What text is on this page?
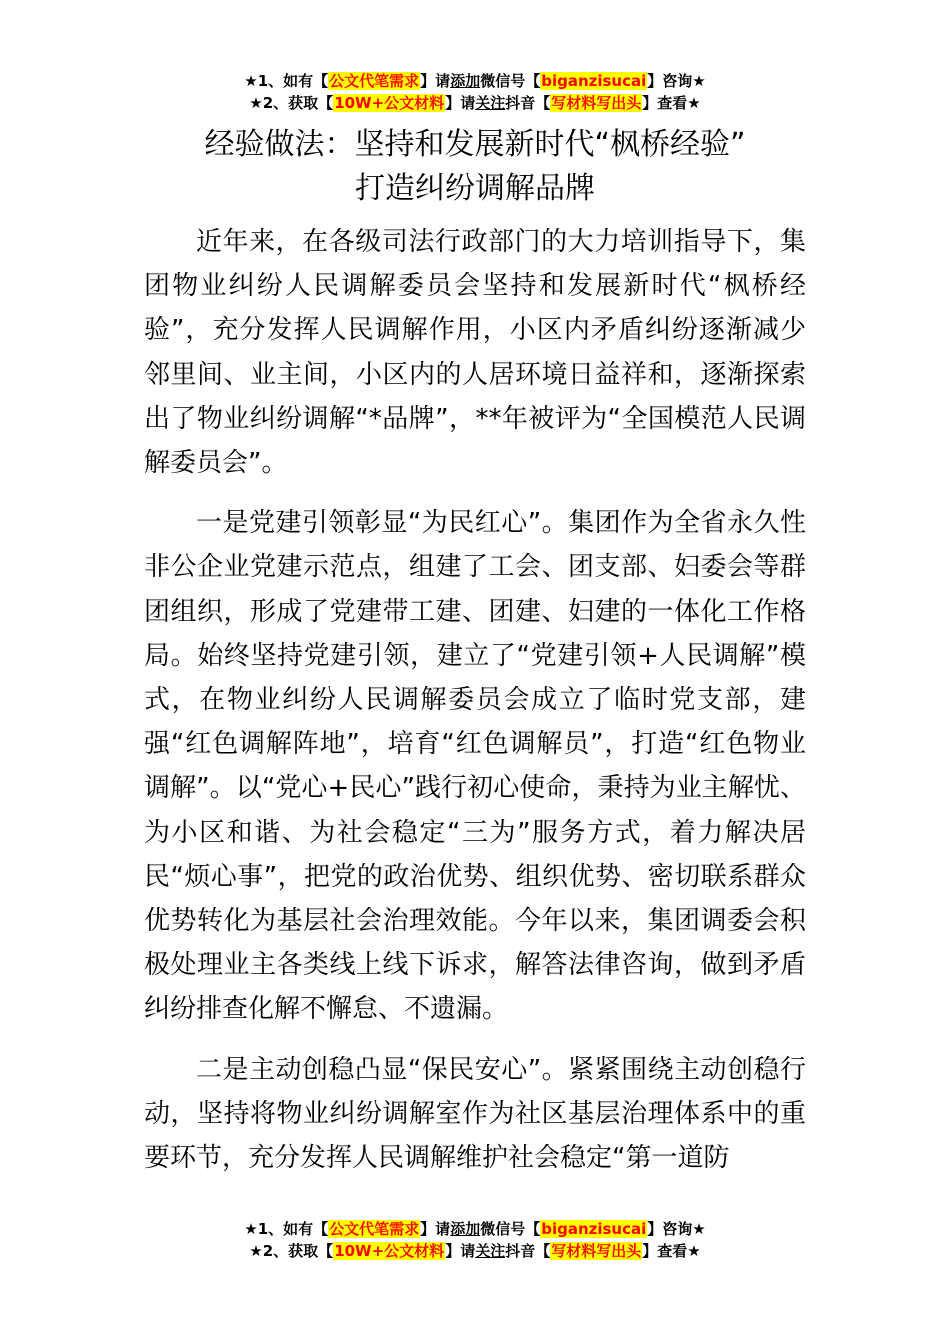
★1、如有【公文代笔需求】请添加微信号【biganzisucai】咨询★
★2、获取【10W+公文材料】请关注抖音【写材料写出头】查看★
经验做法：坚持和发展新时代“枫桥经验”
打造纠纷调解品牌

近年来，在各级司法行政部门的大力培训指导下，集团物业纠纷人民调解委员会坚持和发展新时代“枫桥经验”，充分发挥人民调解作用，小区内矛盾纠纷逐渐减少邻里间、业主间，小区内的人居环境日益祥和，逐渐探索出了物业纠纷调解“*品牌”，**年被评为“全国模范人民调解委员会”。

一是党建引领彰显“为民红心”。集团作为全省永久性非公企业党建示范点，组建了工会、团支部、妇委会等群团组织，形成了党建带工建、团建、妇建的一体化工作格局。始终坚持党建引领，建立了“党建引领+人民调解”模式，在物业纠纷人民调解委员会成立了临时党支部，建强“红色调解阵地”，培育“红色调解员”，打造“红色物业调解”。以“党心+民心”践行初心使命，秉持为业主解忧、为小区和谐、为社会稳定“三为”服务方式，着力解决居民“烦心事”，把党的政治优势、组织优势、密切联系群众优势转化为基层社会治理效能。今年以来，集团调委会积极处理业主各类线上线下诉求，解答法律咨询，做到矛盾纠纷排查化解不懈怠、不遗漏。

二是主动创稳凸显“保民安心”。紧紧围绕主动创稳行动，坚持将物业纠纷调解室作为社区基层治理体系中的重要环节，充分发挥人民调解维护社会稳定“第一道防

★1、如有【公文代笔需求】请添加微信号【biganzisucai】咨询★
★2、获取【10W+公文材料】请关注抖音【写材料写出头】查看★
